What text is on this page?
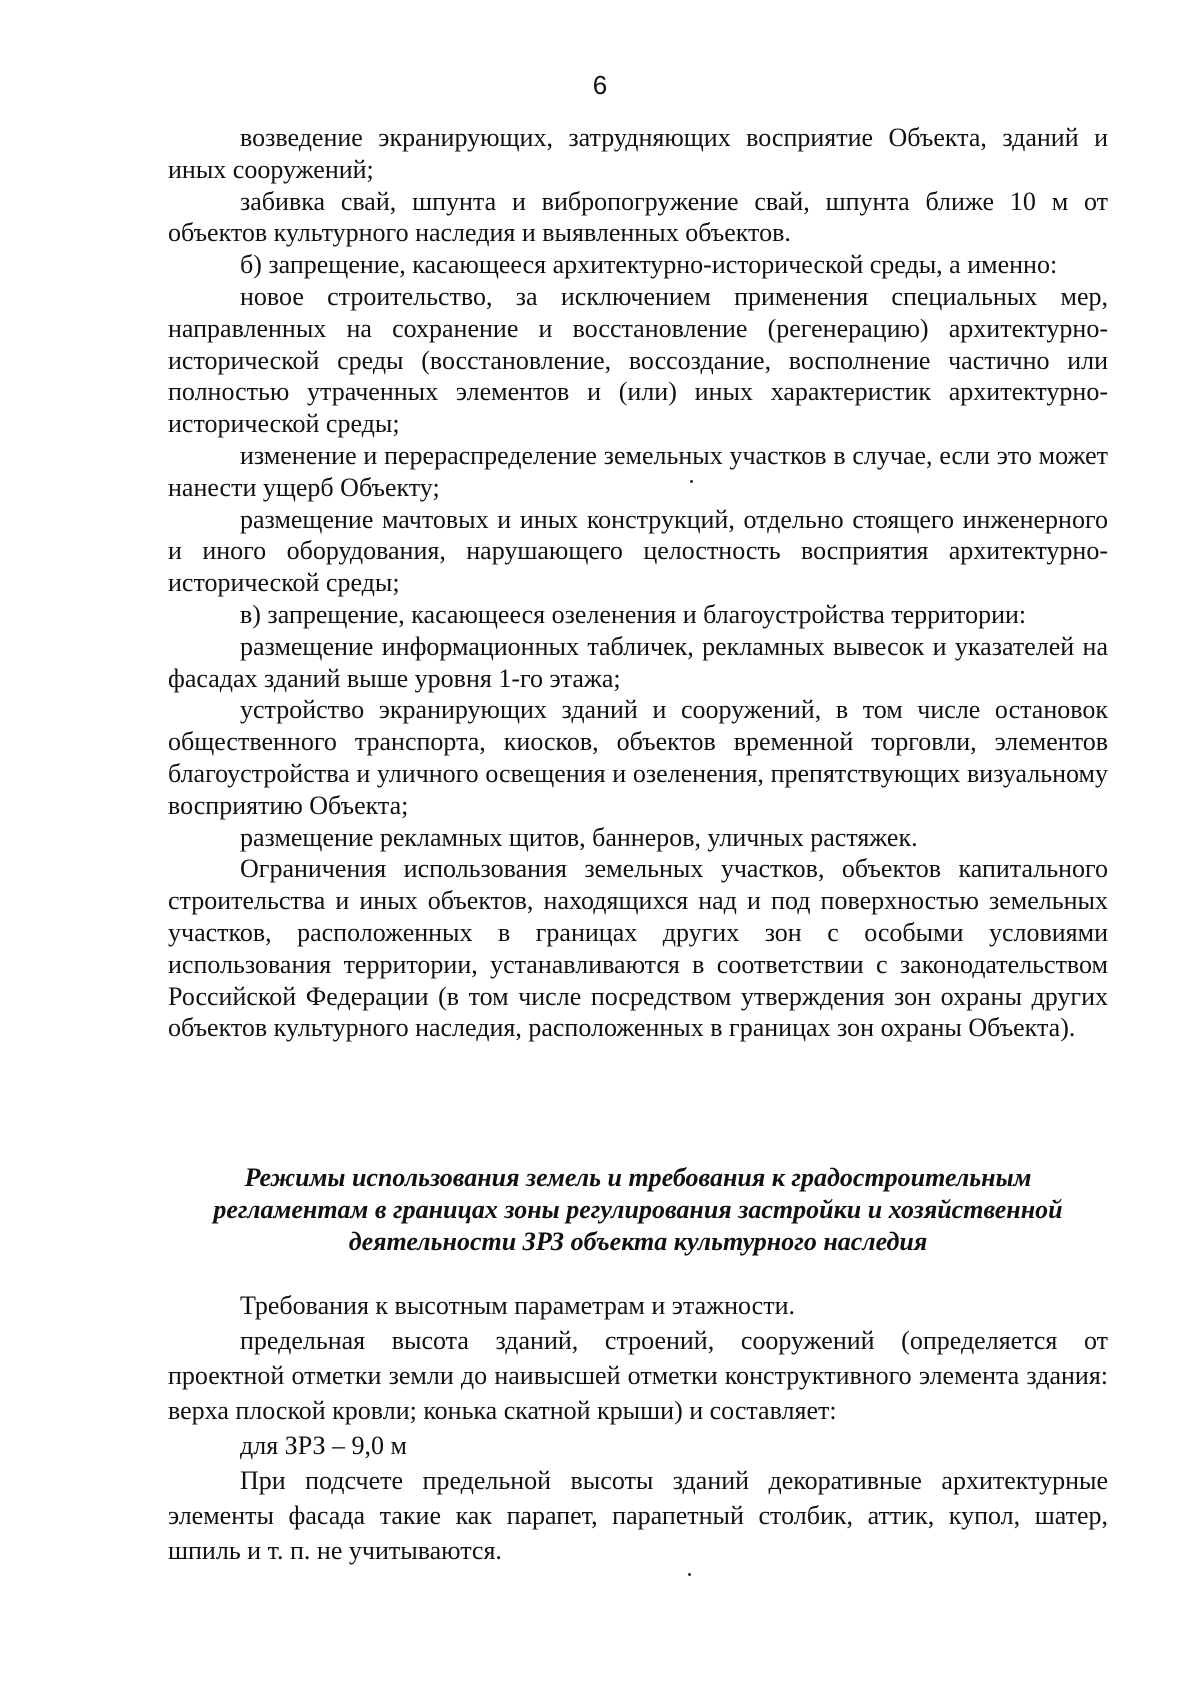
6

возведение экранирующих, затрудняющих восприятие Объекта, зданий и иных сооружений;

забивка свай, шпунта и вибропогружение свай, шпунта ближе 10 м от объектов культурного наследия и выявленных объектов.

б) запрещение, касающееся архитектурно-исторической среды, а именно:

новое строительство, за исключением применения специальных мер, направленных на сохранение и восстановление (регенерацию) архитектурно-исторической среды (восстановление, воссоздание, восполнение частично или полностью утраченных элементов и (или) иных характеристик архитектурно-исторической среды;

изменение и перераспределение земельных участков в случае, если это может нанести ущерб Объекту;

размещение мачтовых и иных конструкций, отдельно стоящего инженерного и иного оборудования, нарушающего целостность восприятия архитектурно-исторической среды;

в) запрещение, касающееся озеленения и благоустройства территории:

размещение информационных табличек, рекламных вывесок и указателей на фасадах зданий выше уровня 1-го этажа;

устройство экранирующих зданий и сооружений, в том числе остановок общественного транспорта, киосков, объектов временной торговли, элементов благоустройства и уличного освещения и озеленения, препятствующих визуальному восприятию Объекта;

размещение рекламных щитов, баннеров, уличных растяжек.

Ограничения использования земельных участков, объектов капитального строительства и иных объектов, находящихся над и под поверхностью земельных участков, расположенных в границах других зон с особыми условиями использования территории, устанавливаются в соответствии с законодательством Российской Федерации (в том числе посредством утверждения зон охраны других объектов культурного наследия, расположенных в границах зон охраны Объекта).

Режимы использования земель и требования к градостроительным
регламентам в границах зоны регулирования застройки и хозяйственной
деятельности ЗРЗ объекта культурного наследия

Требования к высотным параметрам и этажности.

предельная высота зданий, строений, сооружений (определяется от проектной отметки земли до наивысшей отметки конструктивного элемента здания: верха плоской кровли; конька скатной крыши) и составляет:

для ЗРЗ – 9,0 м

При подсчете предельной высоты зданий декоративные архитектурные элементы фасада такие как парапет, парапетный столбик, аттик, купол, шатер, шпиль и т. п. не учитываются.
